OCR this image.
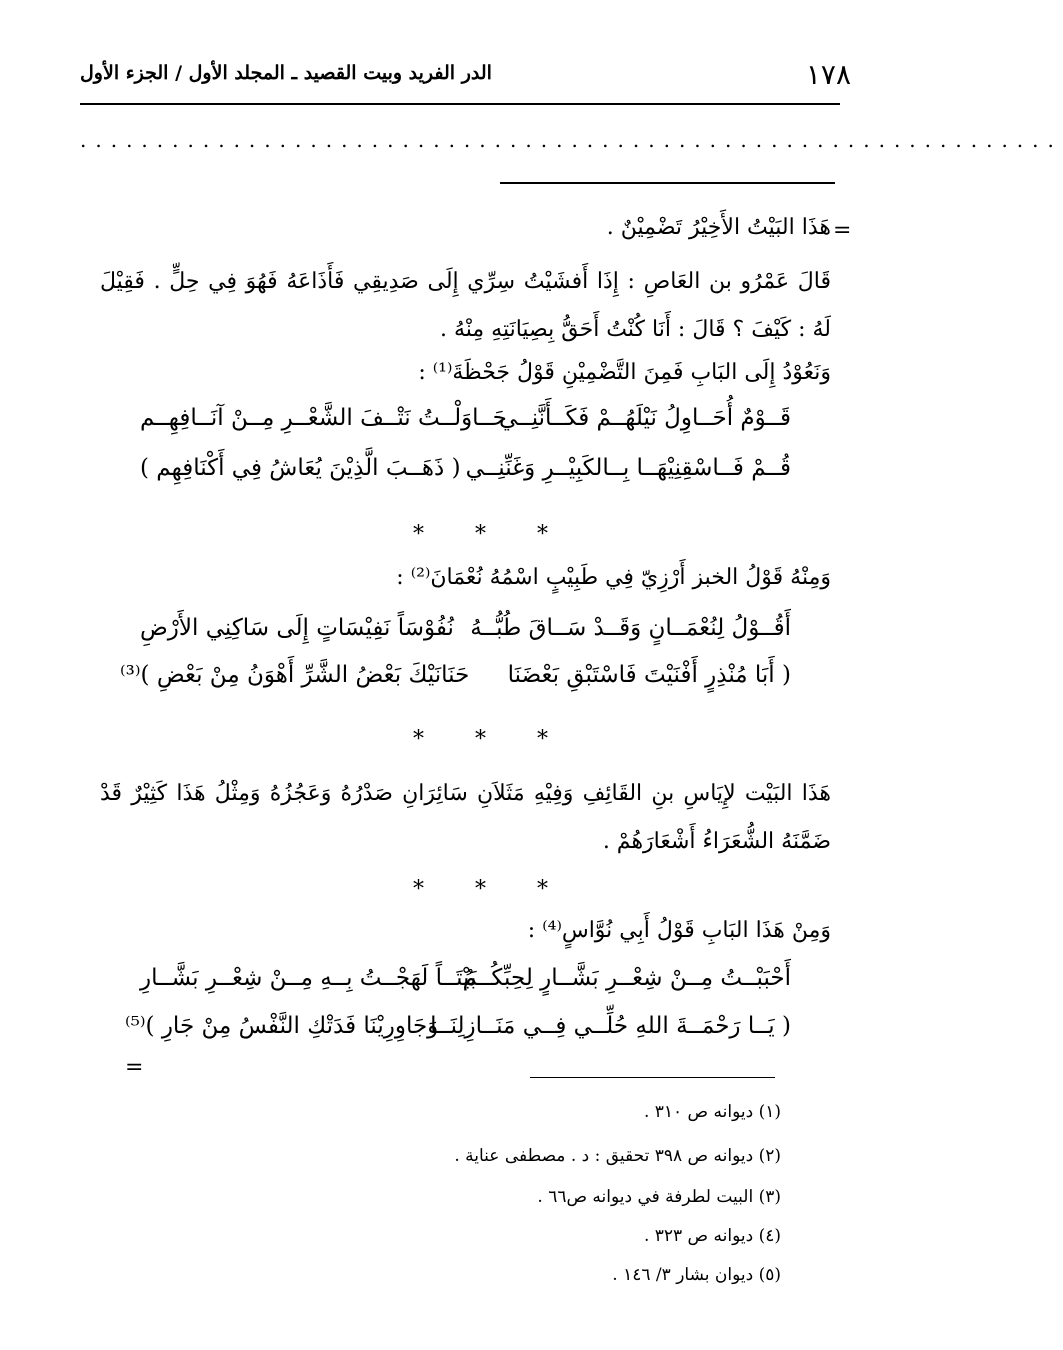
١٧٨
الدر الفريد وبيت القصيد ـ المجلد الأول / الجزء الأول
................................................................
=
هَذَا البَيْتُ الأَخِيْرُ تَضْمِيْنٌ .
قَالَ عَمْرُو بن العَاصِ : إِذَا أَفشَيْتُ سِرِّي إِلَى صَدِيقِي فَأَذَاعَهُ فَهُوَ فِي حِلٍّ . فَقِيْلَ لَهُ : كَيْفَ ؟ قَالَ : أَنَا كُنْتُ أَحَقُّ بِصِيَانَتِهِ مِنْهُ .
وَنَعُوْدُ إِلَى البَابِ فَمِنَ التَّضْمِيْنِ قَوْلُ جَحْظَةَ⁽¹⁾ :
قَــوْمٌ أُحَــاوِلُ نَيْلَهُــمْ فَكَــأَنَّنِــي
حَــاوَلْــتُ نَتْــفَ الشَّعْــرِ مِــنْ آنَــافِهِــم
قُــمْ فَــاسْقِنِيْهَــا بِــالكَبِيْــرِ وَغَنِّنِــي
( ذَهَــبَ الَّذِيْنَ يُعَاشُ فِي أَكْنَافِهِم )
* * *
وَمِنْهُ قَوْلُ الخبز أَرْزِيّ فِي طَبِيْبٍ اسْمُهُ نُعْمَانَ⁽²⁾ :
أَقُــوْلُ لِنُعْمَــانٍ وَقَــدْ سَــاقَ طُبُّــهُ
نُفُوْسَاً نَفِيْسَاتٍ إِلَى سَاكِنِي الأَرْضِ
( أَبَا مُنْذِرٍ أَفْنَيْتَ فَاسْتَبْقِ بَعْضَنَا
حَنَانَيْكَ بَعْضُ الشَّرِّ أَهْوَنُ مِنْ بَعْضِ )⁽³⁾
* * *
هَذَا البَيْت لإِيَاسِ بنِ القَائِفِ وَفِيْهِ مَثَلاَنِ سَائِرَانِ صَدْرُهُ وَعَجُزُهُ وَمِثْلُ هَذَا كَثِيْرٌ قَدْ ضَمَّنَهُ الشُّعَرَاءُ أَشْعَارَهُمْ .
* * *
وَمِنْ هَذَا البَابِ قَوْلُ أَبِي نُوَّاسٍ⁽⁴⁾ :
أَحْبَبْــتُ مِــنْ شِعْــرِ بَشَّــارٍ لِحِبِّكُــمُ
بَيْتَــاً لَهَجْــتُ بِــهِ مِــنْ شِعْــرِ بَشَّــارِ
( يَــا رَحْمَــةَ اللهِ حُلِّــي فِــي مَنَــازِلِنَــا
وَجَاوِرِيْنَا فَدَتْكِ النَّفْسُ مِنْ جَارِ )⁽⁵⁾
=
(١) ديوانه ص ٣١٠ .
(٢) ديوانه ص ٣٩٨ تحقيق : د . مصطفى عناية .
(٣) البيت لطرفة في ديوانه ص٦٦ .
(٤) ديوانه ص ٣٢٣ .
(٥) ديوان بشار ٣/ ١٤٦ .
